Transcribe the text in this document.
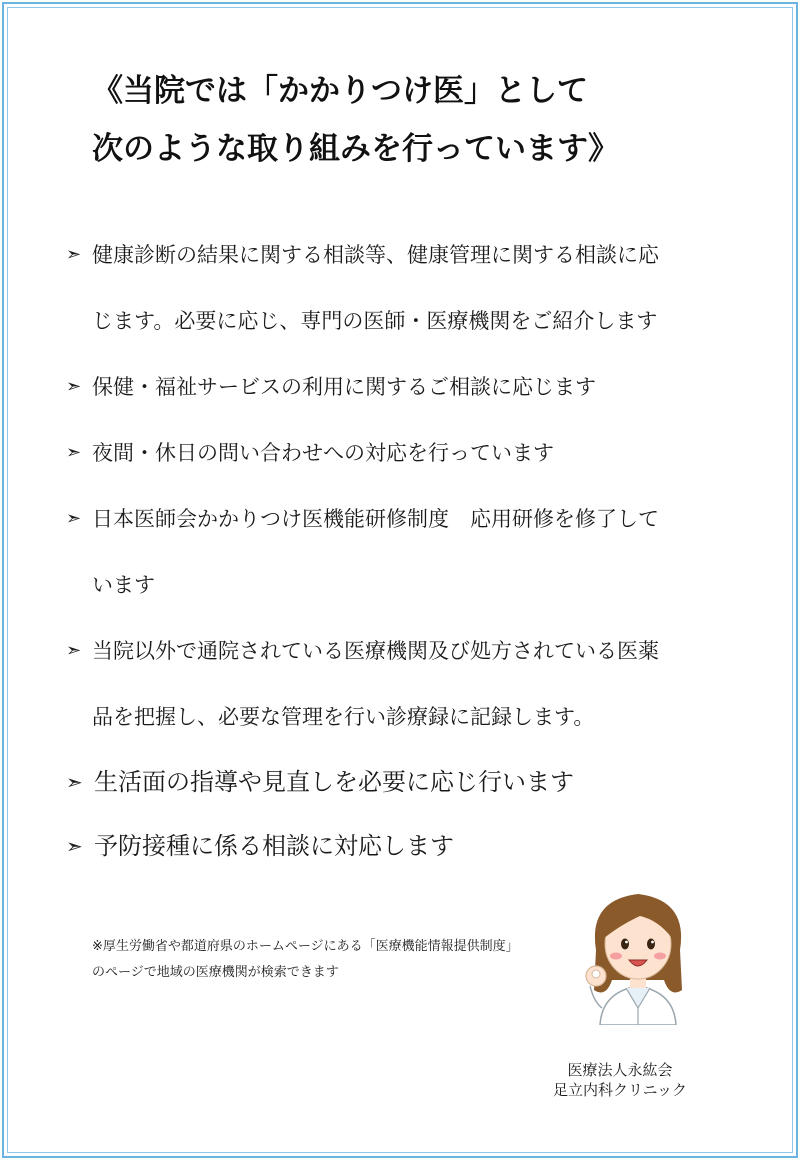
《当院では「かかりつけ医」として
次のような取り組みを行っています》
➣ 健康診断の結果に関する相談等、健康管理に関する相談に応
じます。必要に応じ、専門の医師・医療機関をご紹介します
➣ 保健・福祉サービスの利用に関するご相談に応じます
➣ 夜間・休日の問い合わせへの対応を行っています
➣ 日本医師会かかりつけ医機能研修制度　応用研修を修了して
います
➣ 当院以外で通院されている医療機関及び処方されている医薬
品を把握し、必要な管理を行い診療録に記録します。
➣ 生活面の指導や見直しを必要に応じ行います
➣ 予防接種に係る相談に対応します
※厚生労働省や都道府県のホームページにある「医療機能情報提供制度」
のページで地域の医療機関が検索できます
医療法人永紘会
足立内科クリニック
